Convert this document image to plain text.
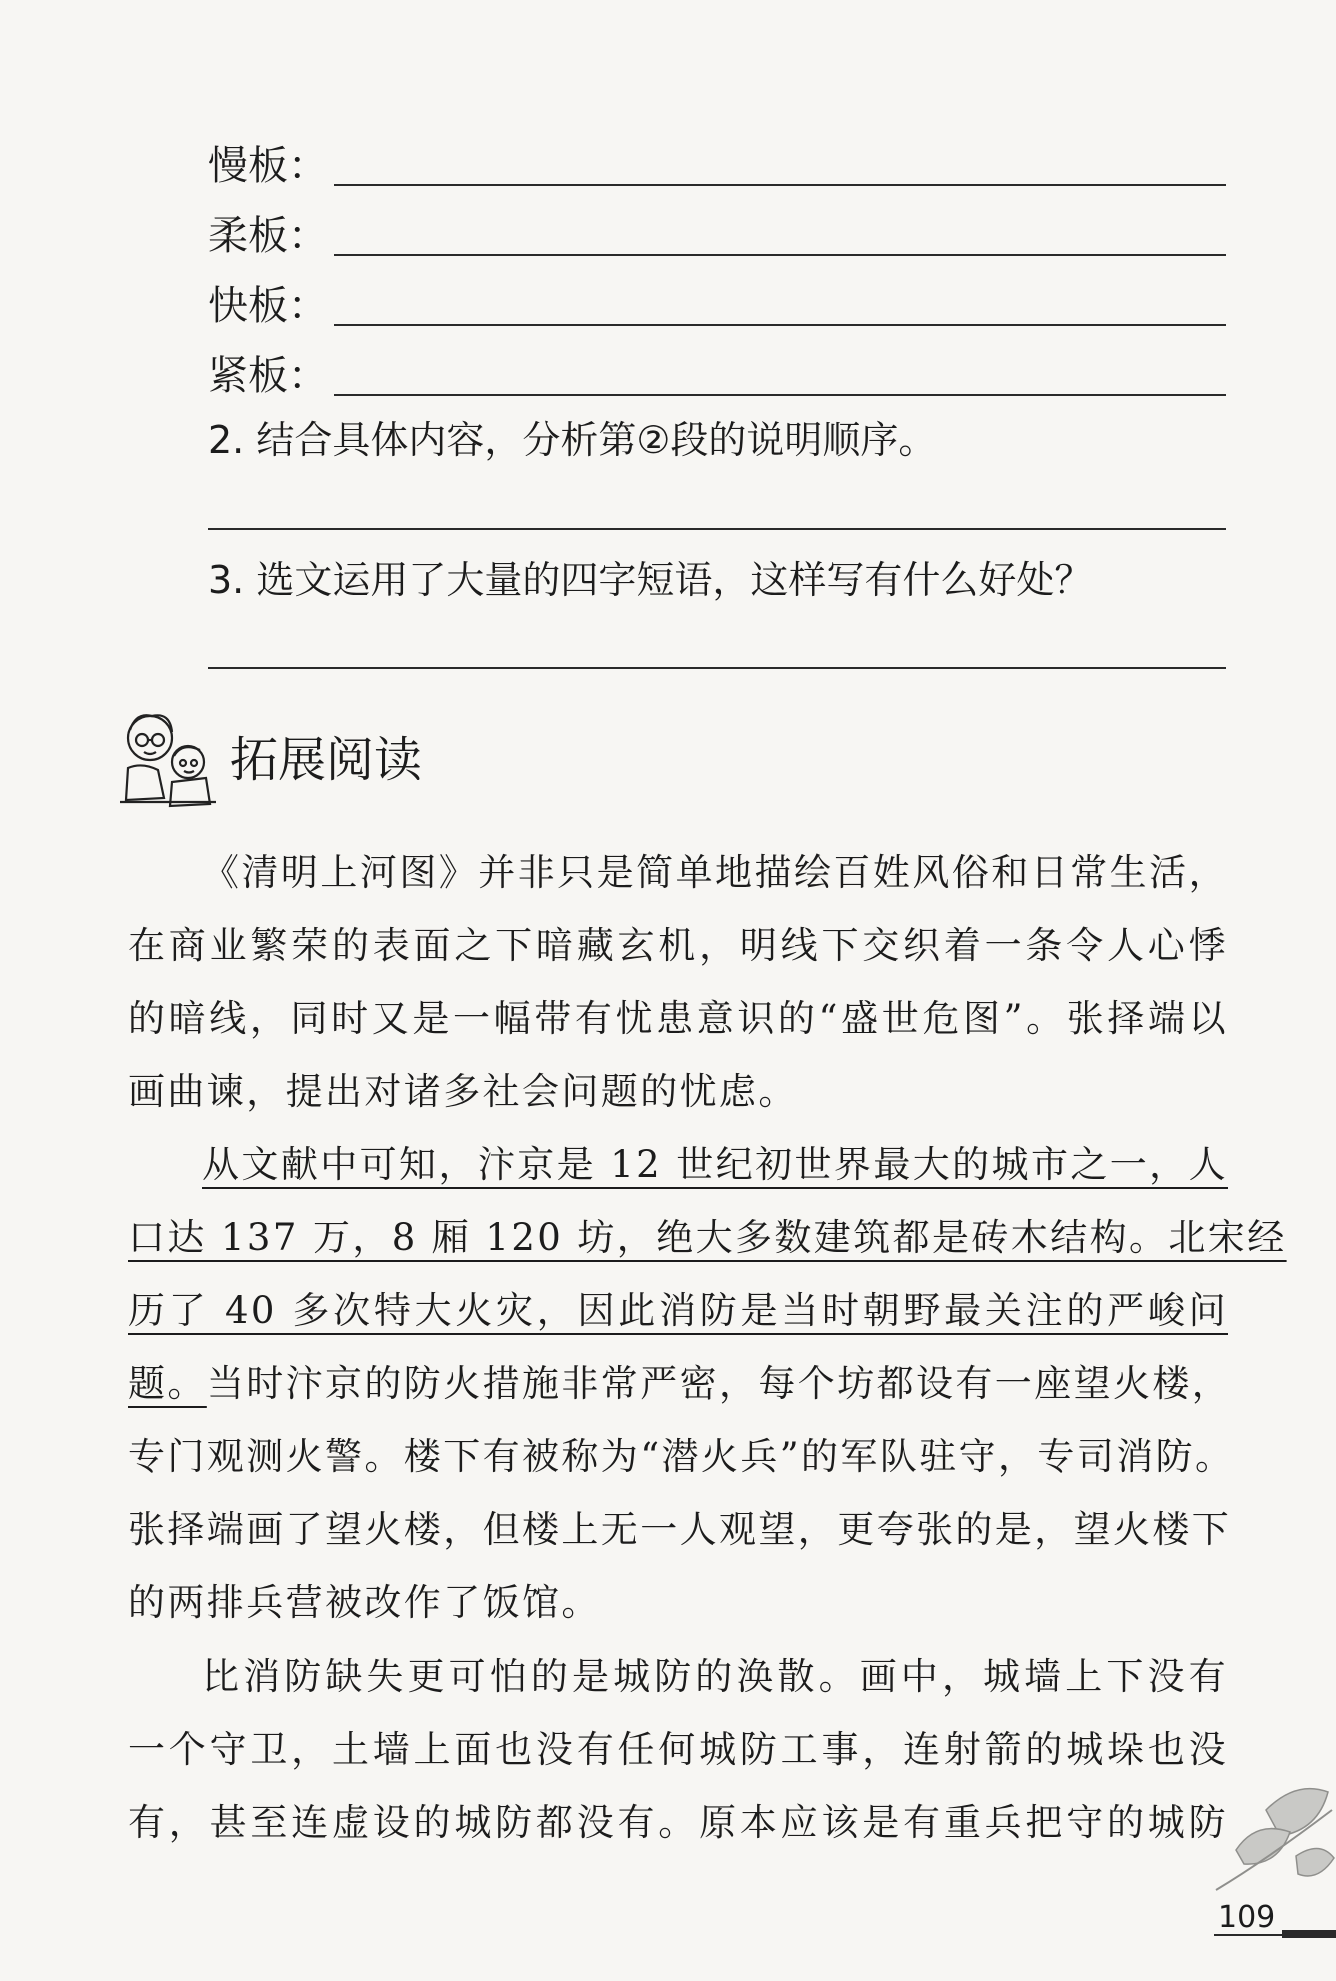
慢板：
柔板：
快板：
紧板：
2. 结合具体内容，分析第②段的说明顺序。
3. 选文运用了大量的四字短语，这样写有什么好处？
拓展阅读

《清明上河图》并非只是简单地描绘百姓风俗和日常生活，

在商业繁荣的表面之下暗藏玄机，明线下交织着一条令人心悸

的暗线，同时又是一幅带有忧患意识的“盛世危图”。张择端以

画曲谏，提出对诸多社会问题的忧虑。

从文献中可知，汴京是 12 世纪初世界最大的城市之一，人

口达 137 万，8 厢 120 坊，绝大多数建筑都是砖木结构。北宋经

历了 40 多次特大火灾，因此消防是当时朝野最关注的严峻问

题。当时汴京的防火措施非常严密，每个坊都设有一座望火楼，

专门观测火警。楼下有被称为“潜火兵”的军队驻守，专司消防。

张择端画了望火楼，但楼上无一人观望，更夸张的是，望火楼下

的两排兵营被改作了饭馆。

比消防缺失更可怕的是城防的涣散。画中，城墙上下没有

一个守卫，土墙上面也没有任何城防工事，连射箭的城垛也没

有，甚至连虚设的城防都没有。原本应该是有重兵把守的城防

109
